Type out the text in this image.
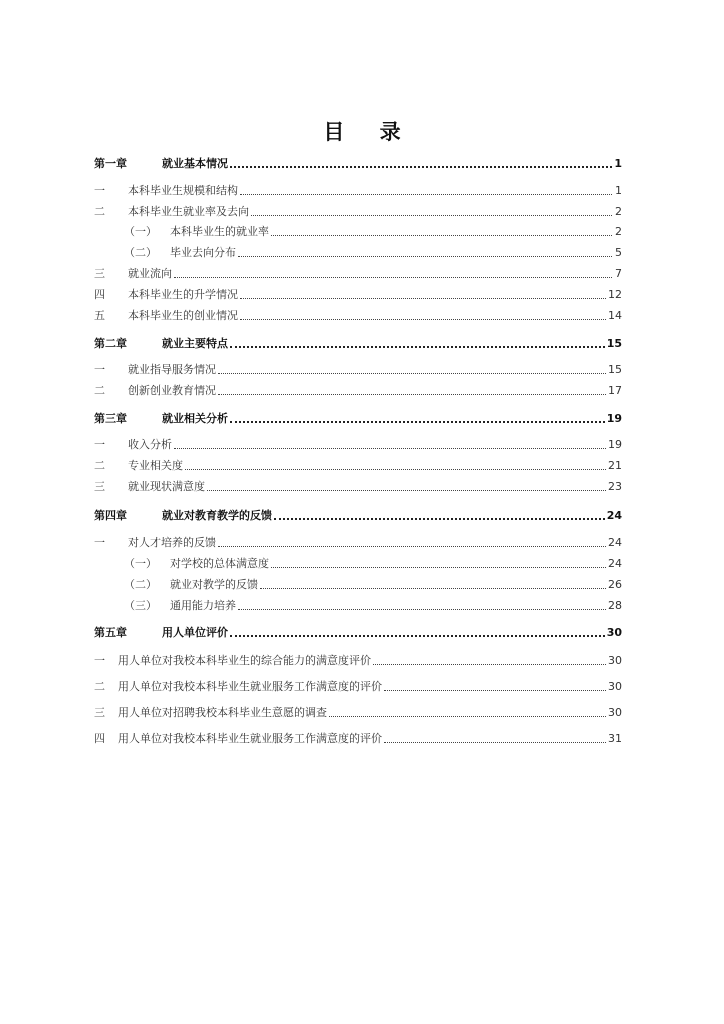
目 录
第一章	就业基本情况	1
一	本科毕业生规模和结构	1
二	本科毕业生就业率及去向	2
（一）	本科毕业生的就业率	2
（二）	毕业去向分布	5
三	就业流向	7
四	本科毕业生的升学情况	12
五	本科毕业生的创业情况	14
第二章	就业主要特点	15
一	就业指导服务情况	15
二	创新创业教育情况	17
第三章	就业相关分析	19
一	收入分析	19
二	专业相关度	21
三	就业现状满意度	23
第四章	就业对教育教学的反馈	24
一	对人才培养的反馈	24
（一）	对学校的总体满意度	24
（二）	就业对教学的反馈	26
（三）	通用能力培养	28
第五章	用人单位评价	30
一	用人单位对我校本科毕业生的综合能力的满意度评价	30
二	用人单位对我校本科毕业生就业服务工作满意度的评价	30
三	用人单位对招聘我校本科毕业生意愿的调查	30
四	用人单位对我校本科毕业生就业服务工作满意度的评价	31
